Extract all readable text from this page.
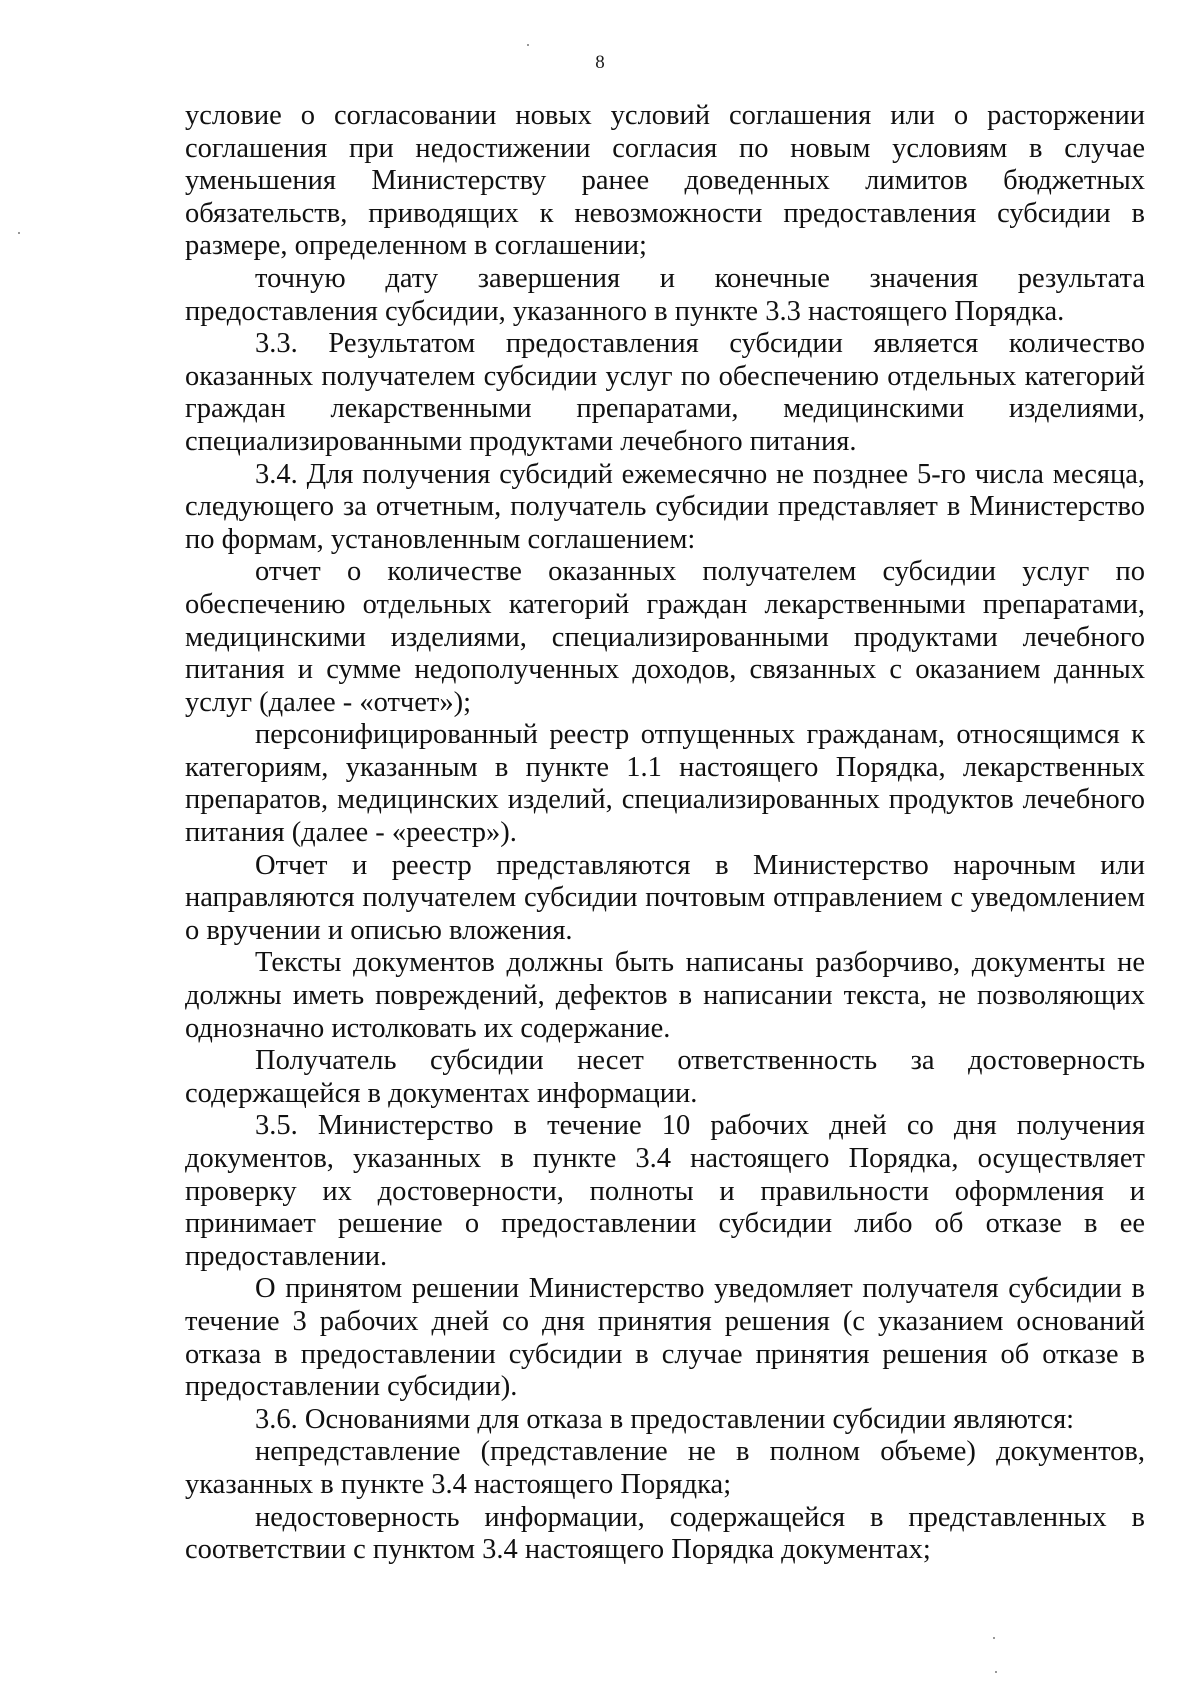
8

условие о согласовании новых условий соглашения или о расторжении соглашения при недостижении согласия по новым условиям в случае уменьшения Министерству ранее доведенных лимитов бюджетных обязательств, приводящих к невозможности предоставления субсидии в размере, определенном в соглашении;

точную дату завершения и конечные значения результата предоставления субсидии, указанного в пункте 3.3 настоящего Порядка.

3.3. Результатом предоставления субсидии является количество оказанных получателем субсидии услуг по обеспечению отдельных категорий граждан лекарственными препаратами, медицинскими изделиями, специализированными продуктами лечебного питания.

3.4. Для получения субсидий ежемесячно не позднее 5-го числа месяца, следующего за отчетным, получатель субсидии представляет в Министерство по формам, установленным соглашением:

отчет о количестве оказанных получателем субсидии услуг по обеспечению отдельных категорий граждан лекарственными препаратами, медицинскими изделиями, специализированными продуктами лечебного питания и сумме недополученных доходов, связанных с оказанием данных услуг (далее - «отчет»);

персонифицированный реестр отпущенных гражданам, относящимся к категориям, указанным в пункте 1.1 настоящего Порядка, лекарственных препаратов, медицинских изделий, специализированных продуктов лечебного питания (далее - «реестр»).

Отчет и реестр представляются в Министерство нарочным или направляются получателем субсидии почтовым отправлением с уведомлением о вручении и описью вложения.

Тексты документов должны быть написаны разборчиво, документы не должны иметь повреждений, дефектов в написании текста, не позволяющих однозначно истолковать их содержание.

Получатель субсидии несет ответственность за достоверность содержащейся в документах информации.

3.5. Министерство в течение 10 рабочих дней со дня получения документов, указанных в пункте 3.4 настоящего Порядка, осуществляет проверку их достоверности, полноты и правильности оформления и принимает решение о предоставлении субсидии либо об отказе в ее предоставлении.

О принятом решении Министерство уведомляет получателя субсидии в течение 3 рабочих дней со дня принятия решения (с указанием оснований отказа в предоставлении субсидии в случае принятия решения об отказе в предоставлении субсидии).

3.6. Основаниями для отказа в предоставлении субсидии являются:

непредставление (представление не в полном объеме) документов, указанных в пункте 3.4 настоящего Порядка;

недостоверность информации, содержащейся в представленных в соответствии с пунктом 3.4 настоящего Порядка документах;
